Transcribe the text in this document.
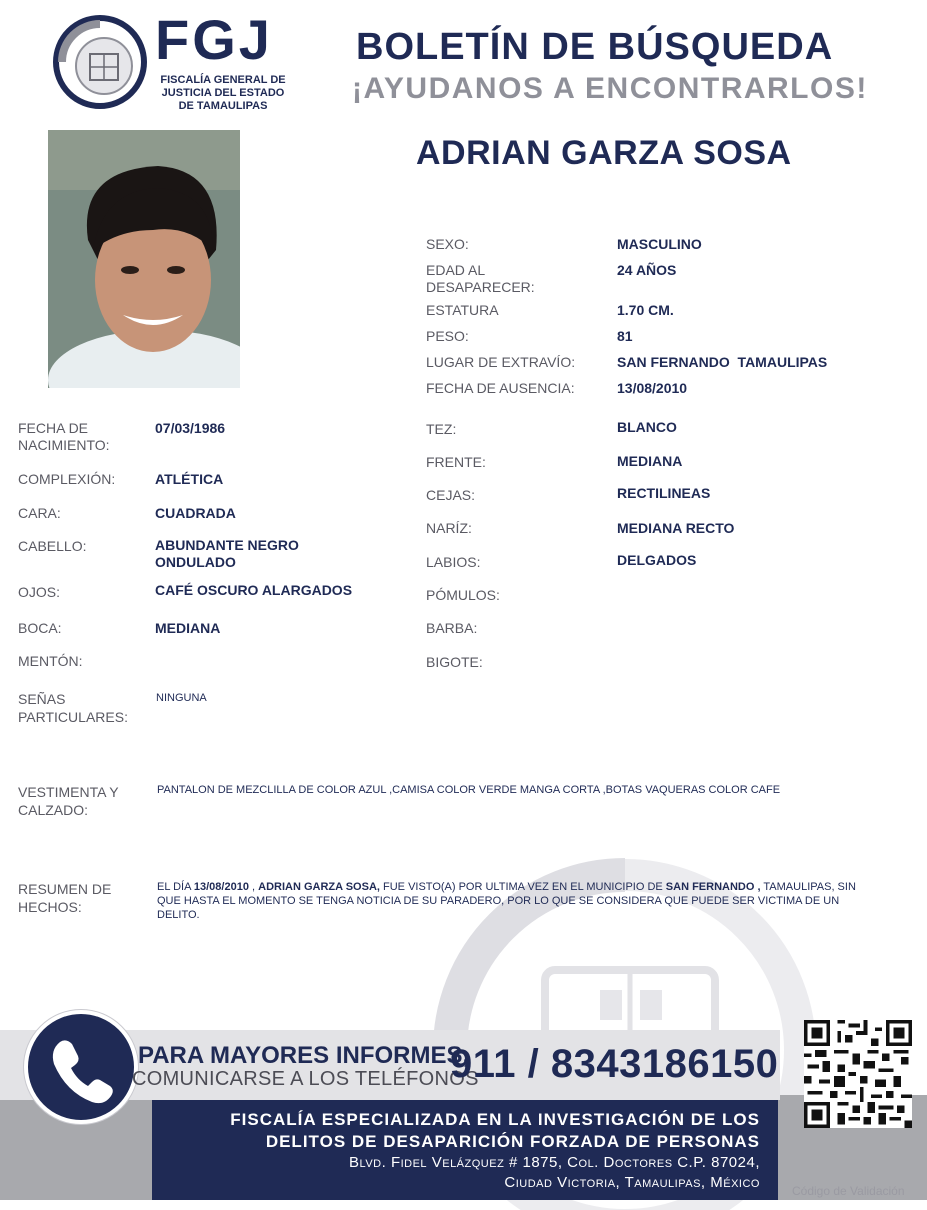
FGJ
FISCALÍA GENERAL DE
JUSTICIA DEL ESTADO
DE TAMAULIPAS
BOLETÍN DE BÚSQUEDA
¡AYUDANOS A ENCONTRARLOS!
ADRIAN GARZA SOSA
SEXO:	MASCULINO
EDAD AL
DESAPARECER:
24 AÑOS
ESTATURA	1.70 CM.
PESO:	81
LUGAR DE EXTRAVÍO:	SAN FERNANDO  TAMAULIPAS
FECHA DE AUSENCIA:	13/08/2010
FECHA DE
NACIMIENTO:
07/03/1986
COMPLEXIÓN:	ATLÉTICA
CARA:	CUADRADA
CABELLO:	ABUNDANTE NEGRO
ONDULADO
OJOS:	CAFÉ OSCURO ALARGADOS
BOCA:	MEDIANA
MENTÓN:
TEZ:	BLANCO
FRENTE:	MEDIANA
CEJAS:	RECTILINEAS
NARÍZ:	MEDIANA RECTO
LABIOS:	DELGADOS
PÓMULOS:
BARBA:
BIGOTE:
SEÑAS
PARTICULARES:
NINGUNA
VESTIMENTA Y
CALZADO:
PANTALON DE MEZCLILLA DE COLOR AZUL ,CAMISA COLOR VERDE MANGA CORTA ,BOTAS VAQUERAS COLOR CAFE
RESUMEN DE
HECHOS:
EL DÍA 13/08/2010 , ADRIAN GARZA SOSA, FUE VISTO(A) POR ULTIMA VEZ EN EL MUNICIPIO DE SAN FERNANDO , TAMAULIPAS, SIN QUE HASTA EL MOMENTO SE TENGA NOTICIA DE SU PARADERO, POR LO QUE SE CONSIDERA QUE PUEDE SER VICTIMA DE UN DELITO.
PARA MAYORES INFORMES,
COMUNICARSE A LOS TELÉFONOS
911 / 8343186150
FISCALÍA ESPECIALIZADA EN LA INVESTIGACIÓN DE LOS
DELITOS DE DESAPARICIÓN FORZADA DE PERSONAS
Blvd. Fidel Velázquez # 1875, Col. Doctores C.P. 87024,
Ciudad Victoria, Tamaulipas, México	Código de Validación
